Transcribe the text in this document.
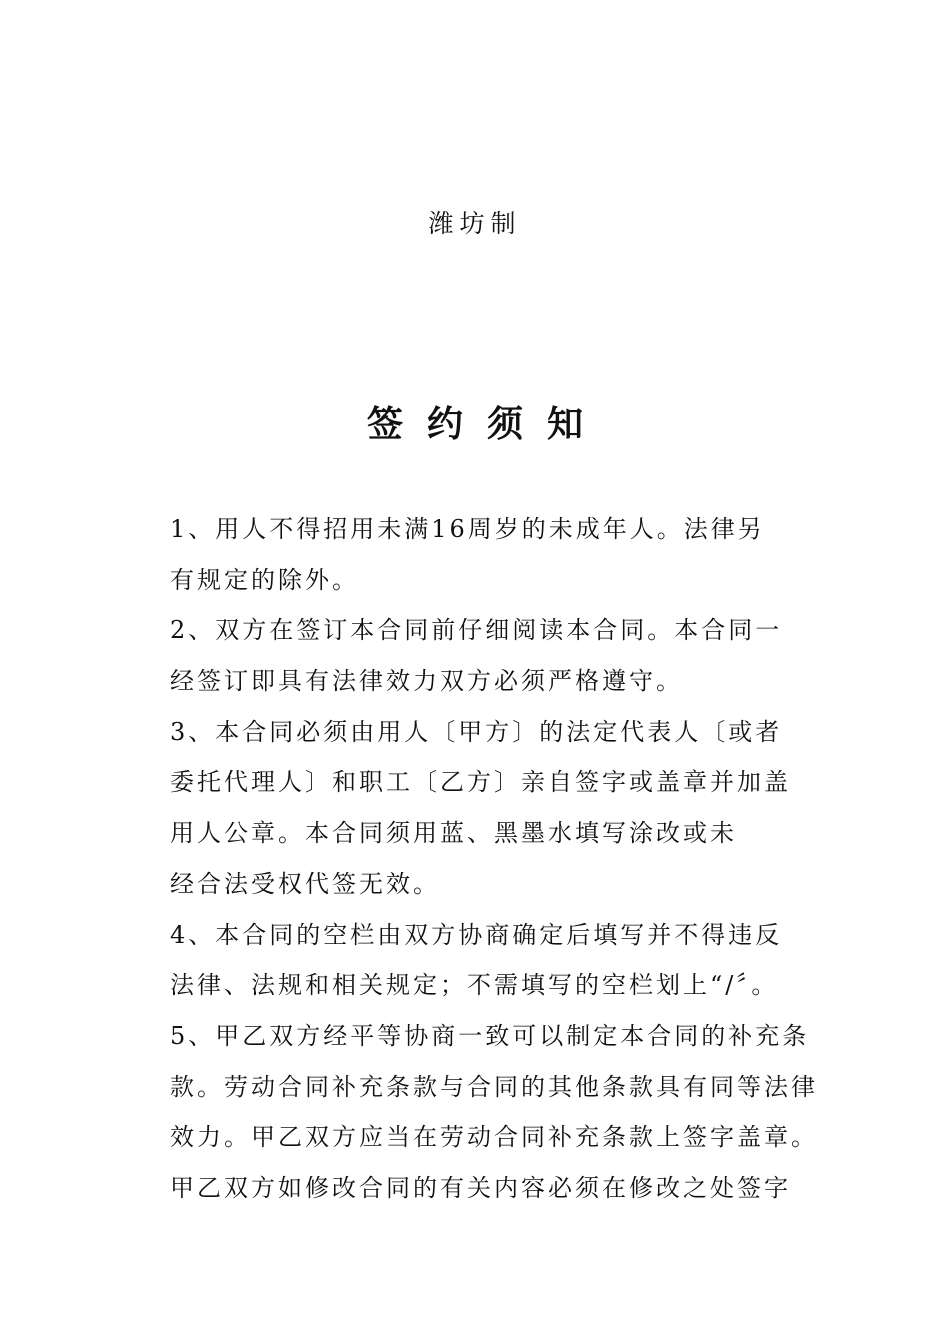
潍坊制
签约须知
1、用人不得招用未满16周岁的未成年人。法律另
有规定的除外。
2、双方在签订本合同前仔细阅读本合同。本合同一
经签订即具有法律效力双方必须严格遵守。
3、本合同必须由用人〔甲方〕的法定代表人〔或者
委托代理人〕和职工〔乙方〕亲自签字或盖章并加盖
用人公章。本合同须用蓝、黑墨水填写涂改或未
经合法受权代签无效。
4、本合同的空栏由双方协商确定后填写并不得违反
法律、法规和相关规定；不需填写的空栏划上“/〞。
5、甲乙双方经平等协商一致可以制定本合同的补充条
款。劳动合同补充条款与合同的其他条款具有同等法律
效力。甲乙双方应当在劳动合同补充条款上签字盖章。
甲乙双方如修改合同的有关内容必须在修改之处签字
